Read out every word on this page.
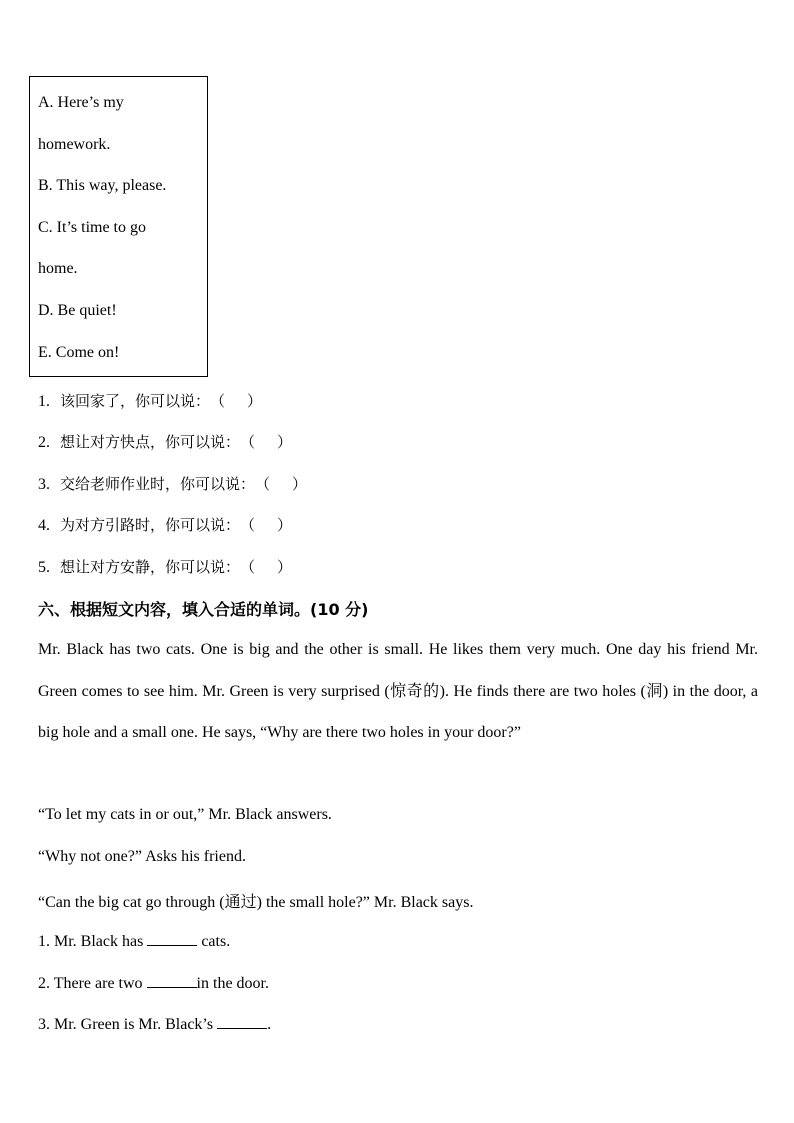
A. Here’s my
homework.
B. This way, please.
C. It’s time to go
home.
D. Be quiet!
E. Come on!
1. 该回家了，你可以说：（ ）
2. 想让对方快点，你可以说：（ ）
3. 交给老师作业时，你可以说：（ ）
4. 为对方引路时，你可以说：（ ）
5. 想让对方安静，你可以说：（ ）
六、根据短文内容，填入合适的单词。(10 分)
Mr. Black has two cats. One is big and the other is small. He likes them very much. One day his friend Mr. Green comes to see him. Mr. Green is very surprised (惊奇的). He finds there are two holes (洞) in the door, a big hole and a small one. He says, “Why are there two holes in your door?”
“To let my cats in or out,” Mr. Black answers.
“Why not one?” Asks his friend.
“Can the big cat go through (通过) the small hole?” Mr. Black says.
1. Mr. Black has	cats.
2. There are two	in the door.
3. Mr. Green is Mr. Black’s	.
